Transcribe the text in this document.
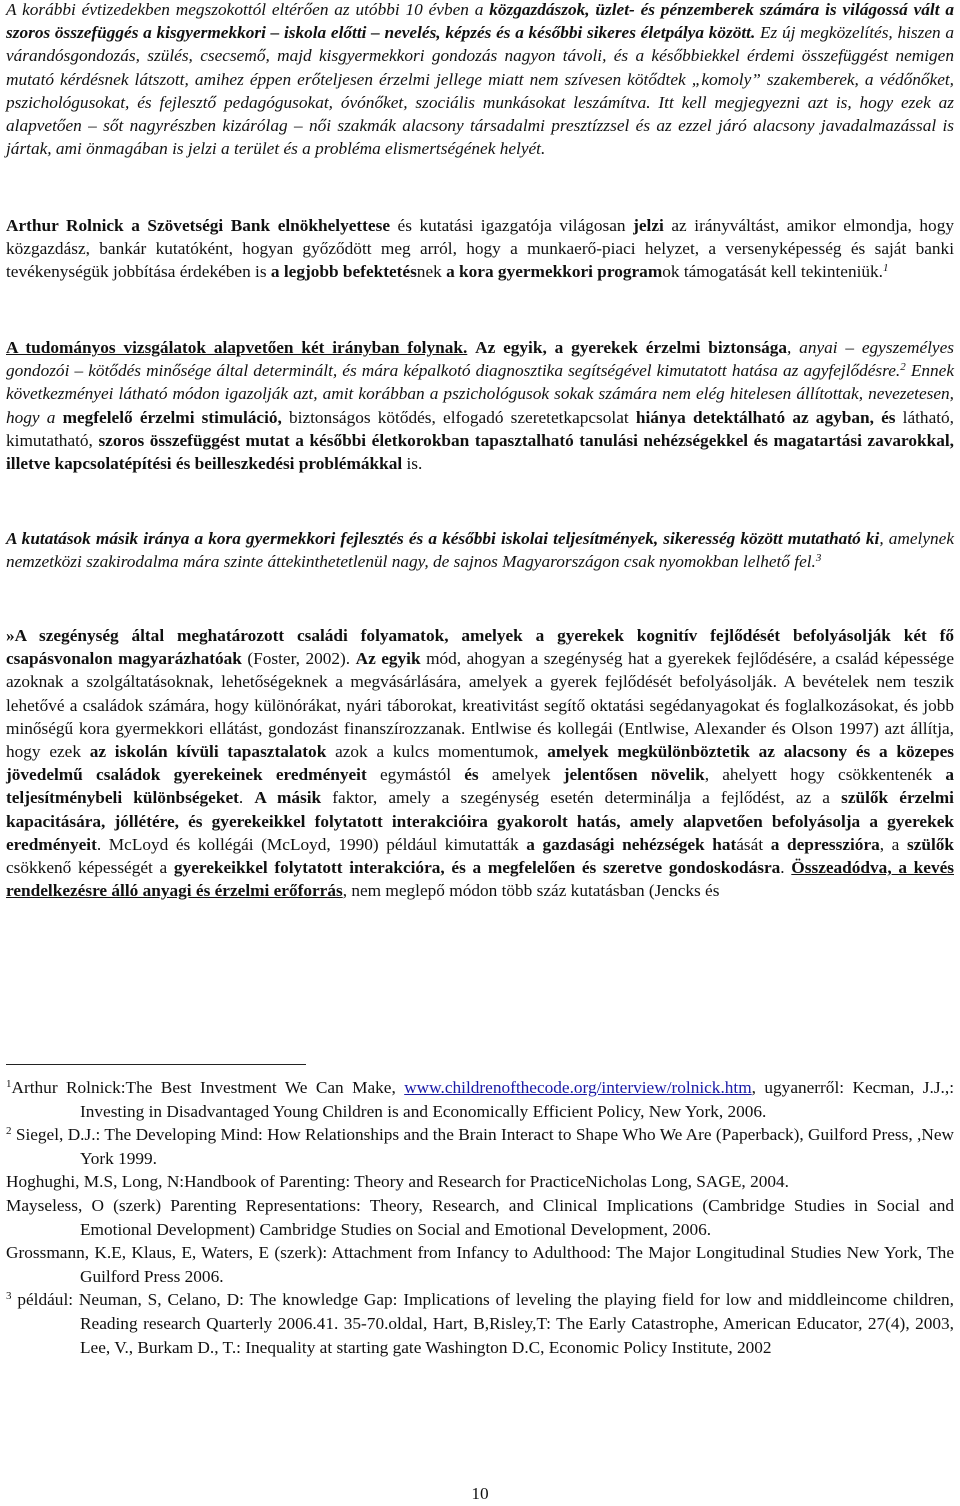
A korábbi évtizedekben megszokottól eltérően az utóbbi 10 évben a közgazdászok, üzlet- és pénzemberek számára is világossá vált a szoros összefüggés a kisgyermekkori – iskola előtti – nevelés, képzés és a későbbi sikeres életpálya között. Ez új megközelítés, hiszen a várandósgondozás, szülés, csecsemő, majd kisgyermekkori gondozás nagyon távoli, és a későbbiekkel érdemi összefüggést nemigen mutató kérdésnek látszott, amihez éppen erőteljesen érzelmi jellege miatt nem szívesen kötődtek „komoly” szakemberek, a védőnőket, pszichológusokat, és fejlesztő pedagógusokat, óvónőket, szociális munkásokat leszámítva. Itt kell megjegyezni azt is, hogy ezek az alapvetően – sőt nagyrészben kizárólag – női szakmák alacsony társadalmi presztízzsel és az ezzel járó alacsony javadalmazással is jártak, ami önmagában is jelzi a terület és a probléma elismertségének helyét.

Arthur Rolnick a Szövetségi Bank elnökhelyettese és kutatási igazgatója világosan jelzi az irányváltást, amikor elmondja, hogy közgazdász, bankár kutatóként, hogyan győződött meg arról, hogy a munkaerő-piaci helyzet, a versenyképesség és saját banki tevékenységük jobbítása érdekében is a legjobb befektetésnek a kora gyermekkori programok támogatását kell tekinteniük.$^1$

A tudományos vizsgálatok alapvetően két irányban folynak. Az egyik, a gyerekek érzelmi biztonsága, anyai – egyszemélyes gondozói – kötődés minősége által determinált, és mára képalkotó diagnosztika segítségével kimutatott hatása az agyfejlődésre.$^2$ Ennek következményei látható módon igazolják azt, amit korábban a pszichológusok sokak számára nem elég hitelesen állítottak, nevezetesen, hogy a megfelelő érzelmi stimuláció, biztonságos kötődés, elfogadó szeretetkapcsolat hiánya detektálható az agyban, és látható, kimutatható, szoros összefüggést mutat a későbbi életkorokban tapasztalható tanulási nehézségekkel és magatartási zavarokkal, illetve kapcsolatépítési és beilleszkedési problémákkal is.

A kutatások másik iránya a kora gyermekkori fejlesztés és a későbbi iskolai teljesítmények, sikeresség között mutatható ki, amelynek nemzetközi szakirodalma mára szinte áttekinthetetlenül nagy, de sajnos Magyarországon csak nyomokban lelhető fel.$^3$

»A szegénység által meghatározott családi folyamatok, amelyek a gyerekek kognitív fejlődését befolyásolják két fő csapásvonalon magyarázhatóak (Foster, 2002). Az egyik mód, ahogyan a szegénység hat a gyerekek fejlődésére, a család képessége azoknak a szolgáltatásoknak, lehetőségeknek a megvásárlására, amelyek a gyerek fejlődését befolyásolják. A bevételek nem teszik lehetővé a családok számára, hogy különórákat, nyári táborokat, kreativitást segítő oktatási segédanyagokat és foglalkozásokat, és jobb minőségű kora gyermekkori ellátást, gondozást finanszírozzanak. Entlwise és kollegái (Entlwise, Alexander és Olson 1997) azt állítja, hogy ezek az iskolán kívüli tapasztalatok azok a kulcs momentumok, amelyek megkülönböztetik az alacsony és a közepes jövedelmű családok gyerekeinek eredményeit egymástól és amelyek jelentősen növelik, ahelyett hogy csökkentenék a teljesítménybeli különbségeket. A másik faktor, amely a szegénység esetén determinálja a fejlődést, az a szülők érzelmi kapacitására, jóllétére, és gyerekeikkel folytatott interakcióira gyakorolt hatás, amely alapvetően befolyásolja a gyerekek eredményeit. McLoyd és kollégái (McLoyd, 1990) például kimutatták a gazdasági nehézségek hatását a depresszióra, a szülők csökkenő képességét a gyerekeikkel folytatott interakcióra, és a megfelelően és szeretve gondoskodásra. Összeadódva, a kevés rendelkezésre álló anyagi és érzelmi erőforrás, nem meglepő módon több száz kutatásban (Jencks és

$^1$Arthur Rolnick:The Best Investment We Can Make, www.childrenofthecode.org/interview/rolnick.htm, ugyanerről: Kecman, J.J.,: Investing in Disadvantaged Young Children is and Economically Efficient Policy, New York, 2006.

$^2$ Siegel, D.J.: The Developing Mind: How Relationships and the Brain Interact to Shape Who We Are (Paperback), Guilford Press, ,New York 1999.

Hoghughi, M.S, Long, N:Handbook of Parenting: Theory and Research for PracticeNicholas Long, SAGE, 2004.

Mayseless, O (szerk) Parenting Representations: Theory, Research, and Clinical Implications (Cambridge Studies in Social and Emotional Development) Cambridge Studies on Social and Emotional Development, 2006.

Grossmann, K.E, Klaus, E, Waters, E (szerk): Attachment from Infancy to Adulthood: The Major Longitudinal Studies New York, The Guilford Press 2006.

$^3$ például: Neuman, S, Celano, D: The knowledge Gap: Implications of leveling the playing field for low and middleincome children, Reading research Quarterly 2006.41. 35-70.oldal, Hart, B,Risley,T: The Early Catastrophe, American Educator, 27(4), 2003, Lee, V., Burkam D., T.: Inequality at starting gate Washington D.C, Economic Policy Institute, 2002

10
